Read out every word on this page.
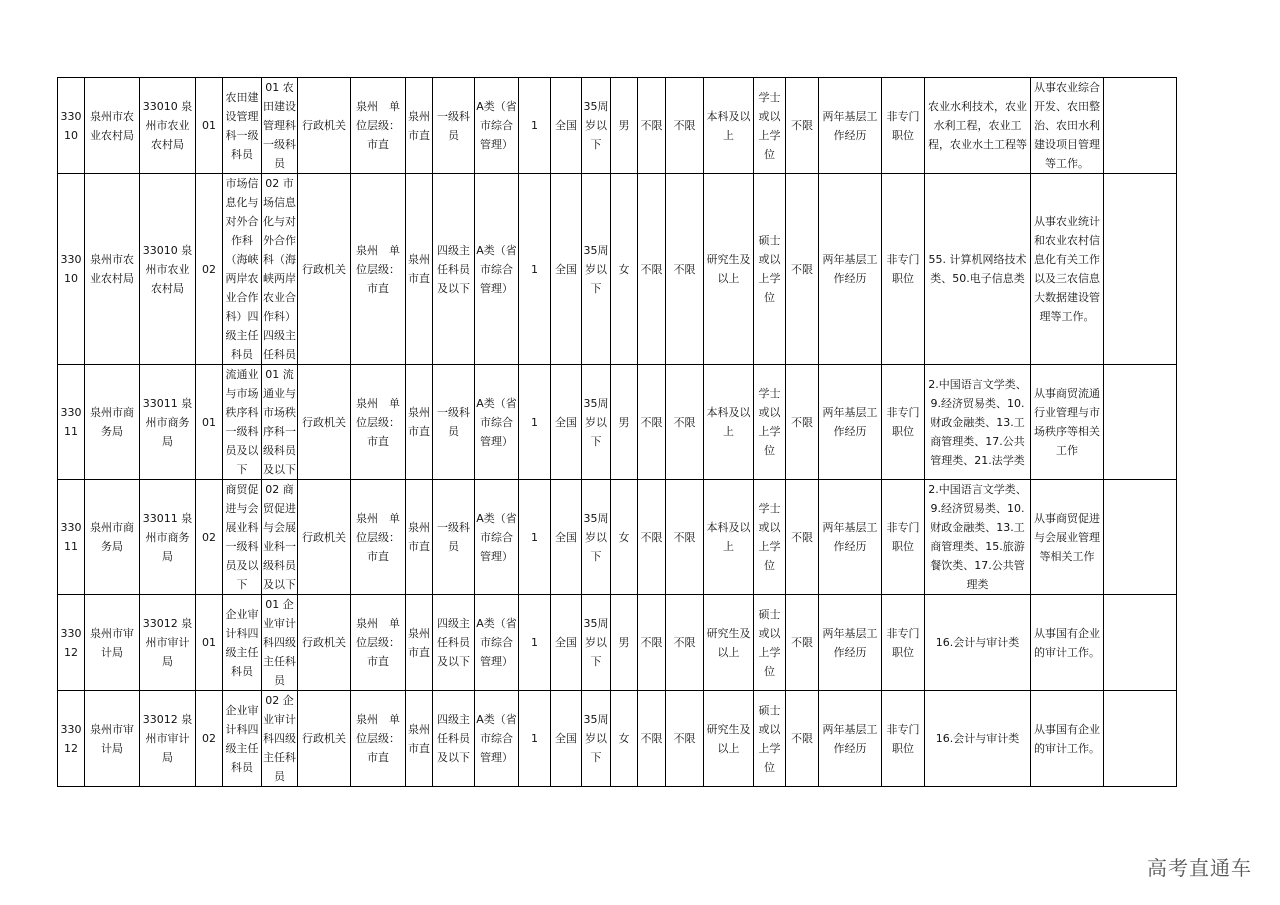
33010	泉州市农业农村局	33010 泉州市农业农村局	01	农田建设管理科一级科员	01 农田建设管理科一级科员	行政机关	泉州　单位层级：市直	泉州市直	一级科员	A类（省市综合管理）	1	全国	35周岁以下	男	不限	不限	本科及以上	学士或以上学位	不限	两年基层工作经历	非专门职位	农业水利技术，农业水利工程，农业工程，农业水土工程等	从事农业综合开发、农田整治、农田水利建设项目管理等工作。	
33010	泉州市农业农村局	33010 泉州市农业农村局	02	市场信息化与对外合作科（海峡两岸农业合作科）四级主任科员	02 市场信息化与对外合作科（海峡两岸农业合作科）四级主任科员	行政机关	泉州　单位层级：市直	泉州市直	四级主任科员及以下	A类（省市综合管理）	1	全国	35周岁以下	女	不限	不限	研究生及以上	硕士或以上学位	不限	两年基层工作经历	非专门职位	55. 计算机网络技术类、50.电子信息类	从事农业统计和农业农村信息化有关工作以及三农信息大数据建设管理等工作。	
33011	泉州市商务局	33011 泉州市商务局	01	流通业与市场秩序科一级科员及以下	01 流通业与市场秩序科一级科员及以下	行政机关	泉州　单位层级：市直	泉州市直	一级科员	A类（省市综合管理）	1	全国	35周岁以下	男	不限	不限	本科及以上	学士或以上学位	不限	两年基层工作经历	非专门职位	2.中国语言文学类、9.经济贸易类、10.财政金融类、13.工商管理类、17.公共管理类、21.法学类	从事商贸流通行业管理与市场秩序等相关工作	
33011	泉州市商务局	33011 泉州市商务局	02	商贸促进与会展业科一级科员及以下	02 商贸促进与会展业科一级科员及以下	行政机关	泉州　单位层级：市直	泉州市直	一级科员	A类（省市综合管理）	1	全国	35周岁以下	女	不限	不限	本科及以上	学士或以上学位	不限	两年基层工作经历	非专门职位	2.中国语言文学类、9.经济贸易类、10.财政金融类、13.工商管理类、15.旅游餐饮类、17.公共管理类	从事商贸促进与会展业管理等相关工作	
33012	泉州市审计局	33012 泉州市审计局	01	企业审计科四级主任科员	01 企业审计科四级主任科员	行政机关	泉州　单位层级：市直	泉州市直	四级主任科员及以下	A类（省市综合管理）	1	全国	35周岁以下	男	不限	不限	研究生及以上	硕士或以上学位	不限	两年基层工作经历	非专门职位	16.会计与审计类	从事国有企业的审计工作。	
33012	泉州市审计局	33012 泉州市审计局	02	企业审计科四级主任科员	02 企业审计科四级主任科员	行政机关	泉州　单位层级：市直	泉州市直	四级主任科员及以下	A类（省市综合管理）	1	全国	35周岁以下	女	不限	不限	研究生及以上	硕士或以上学位	不限	两年基层工作经历	非专门职位	16.会计与审计类	从事国有企业的审计工作。	
高考直通车
